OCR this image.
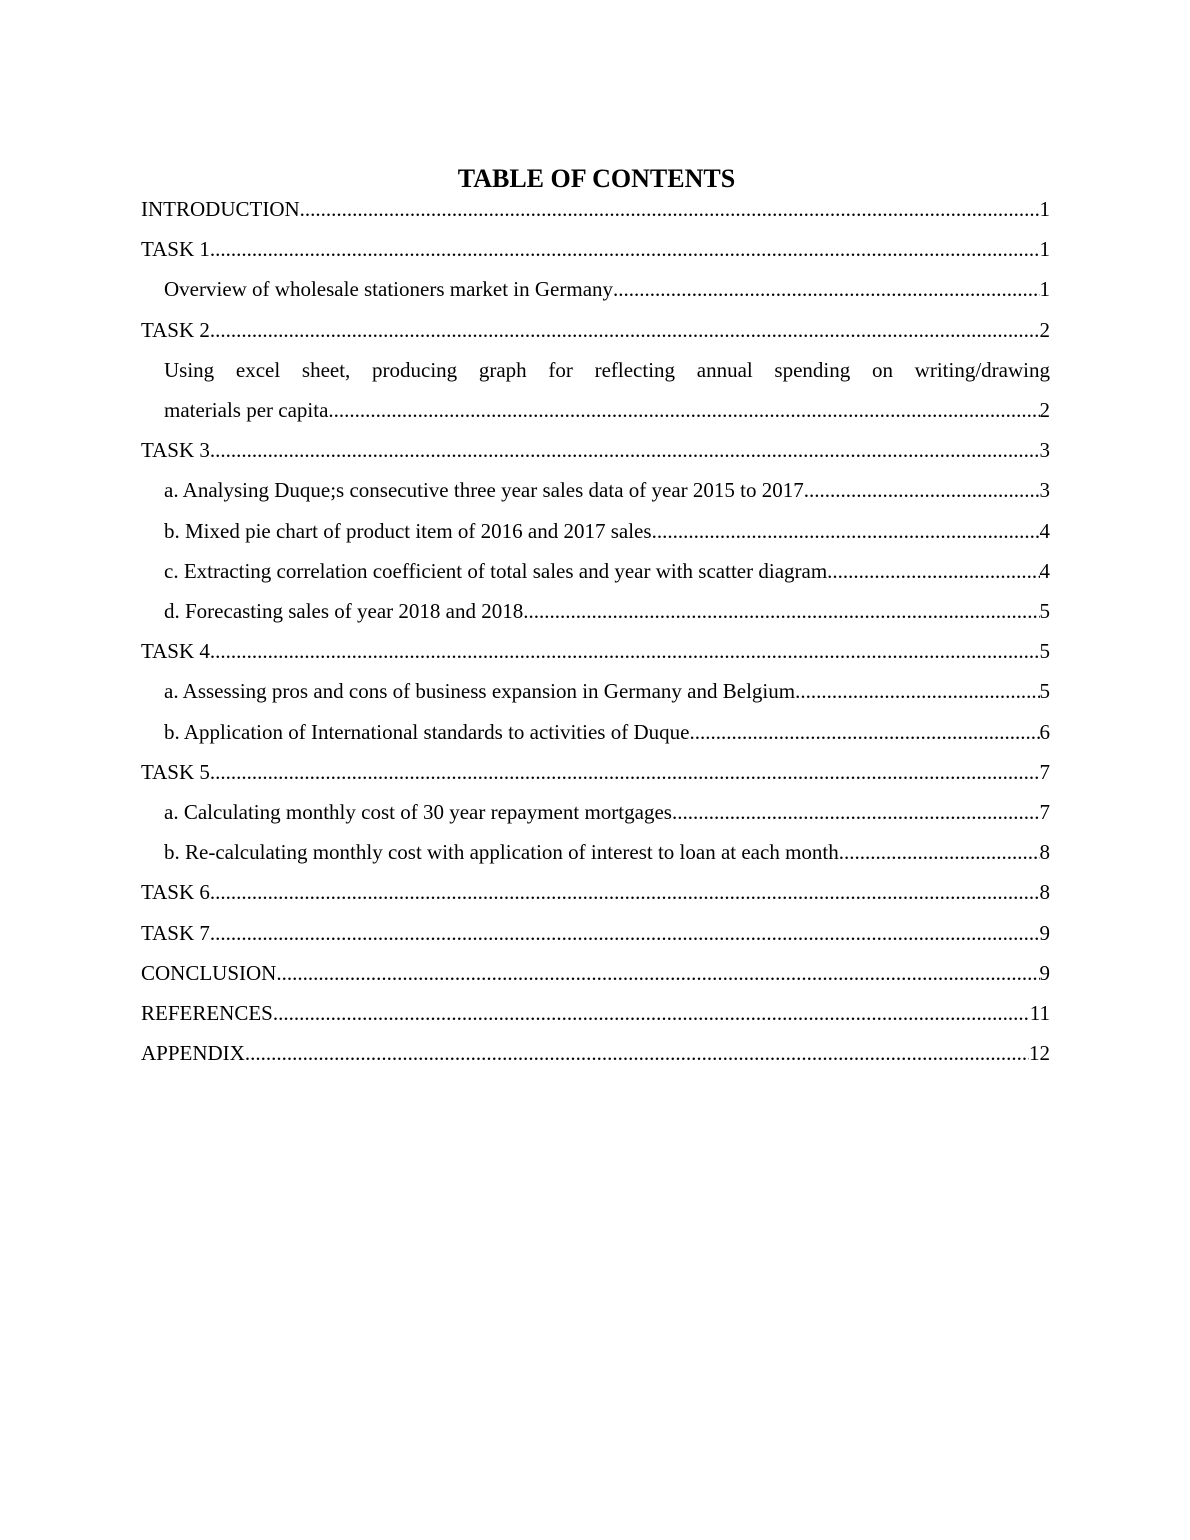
TABLE OF CONTENTS
INTRODUCTION .....	1
TASK 1 .....	1
Overview of wholesale stationers market in Germany .....	1
TASK 2 .....	2
Using excel sheet, producing graph for reflecting annual spending on writing/drawing
materials per capita .....	2
TASK 3 .....	3
a. Analysing Duque;s consecutive three year sales data of year 2015 to 2017 .....	3
b. Mixed pie chart of product item of 2016 and 2017 sales .....	4
c. Extracting correlation coefficient of total sales and year with scatter diagram .....	4
d. Forecasting sales of year 2018 and 2018 .....	5
TASK 4 .....	5
a. Assessing pros and cons of business expansion in Germany and Belgium .....	5
b. Application of International standards to activities of Duque .....	6
TASK 5 .....	7
a. Calculating monthly cost of 30 year repayment mortgages .....	7
b. Re-calculating monthly cost with application of interest to loan at each month .....	8
TASK 6 .....	8
TASK 7 .....	9
CONCLUSION .....	9
REFERENCES .....	11
APPENDIX .....	12
